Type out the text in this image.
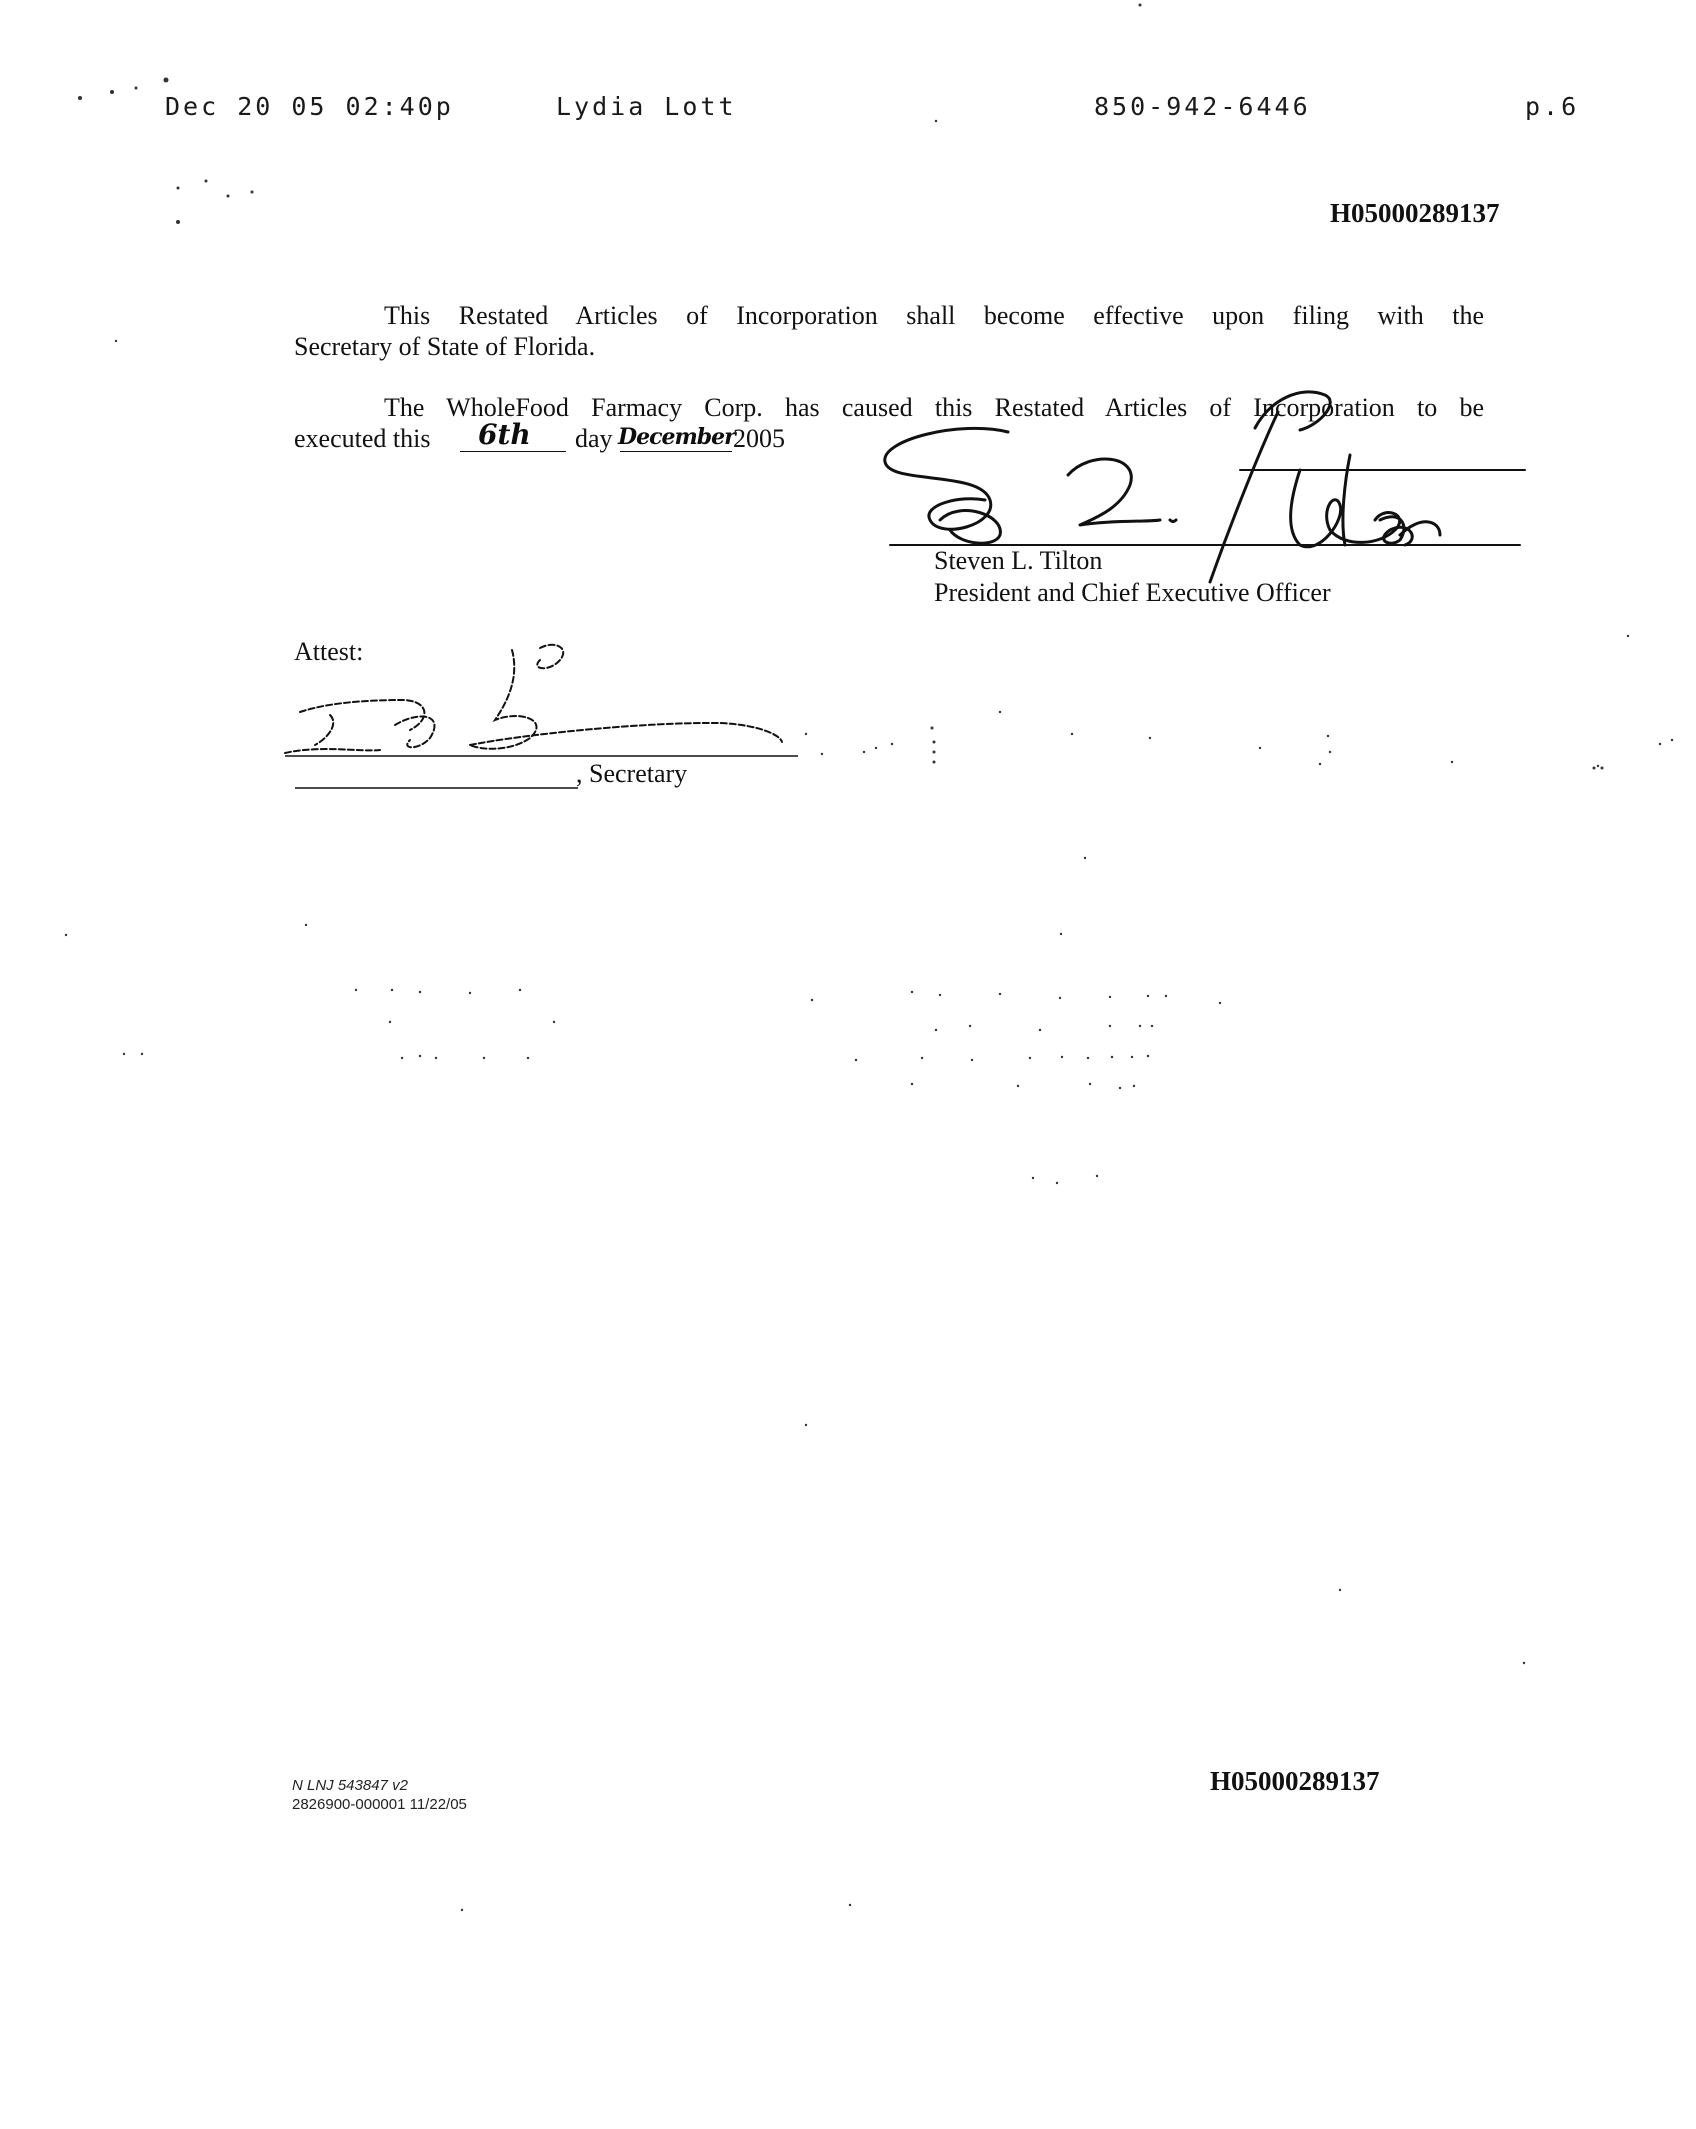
Dec 20 05 02:40p	Lydia Lott	850-942-6446	p.6
H05000289137
This Restated Articles of Incorporation shall become effective upon filing with the
Secretary of State of Florida.
The WholeFood Farmacy Corp. has caused this Restated Articles of Incorporation to be
executed this 6th day December
2005
Steven L. Tilton
President and Chief Executive Officer
Attest:
, Secretary
N LNJ 543847 v2
2826900-000001 11/22/05
H05000289137
